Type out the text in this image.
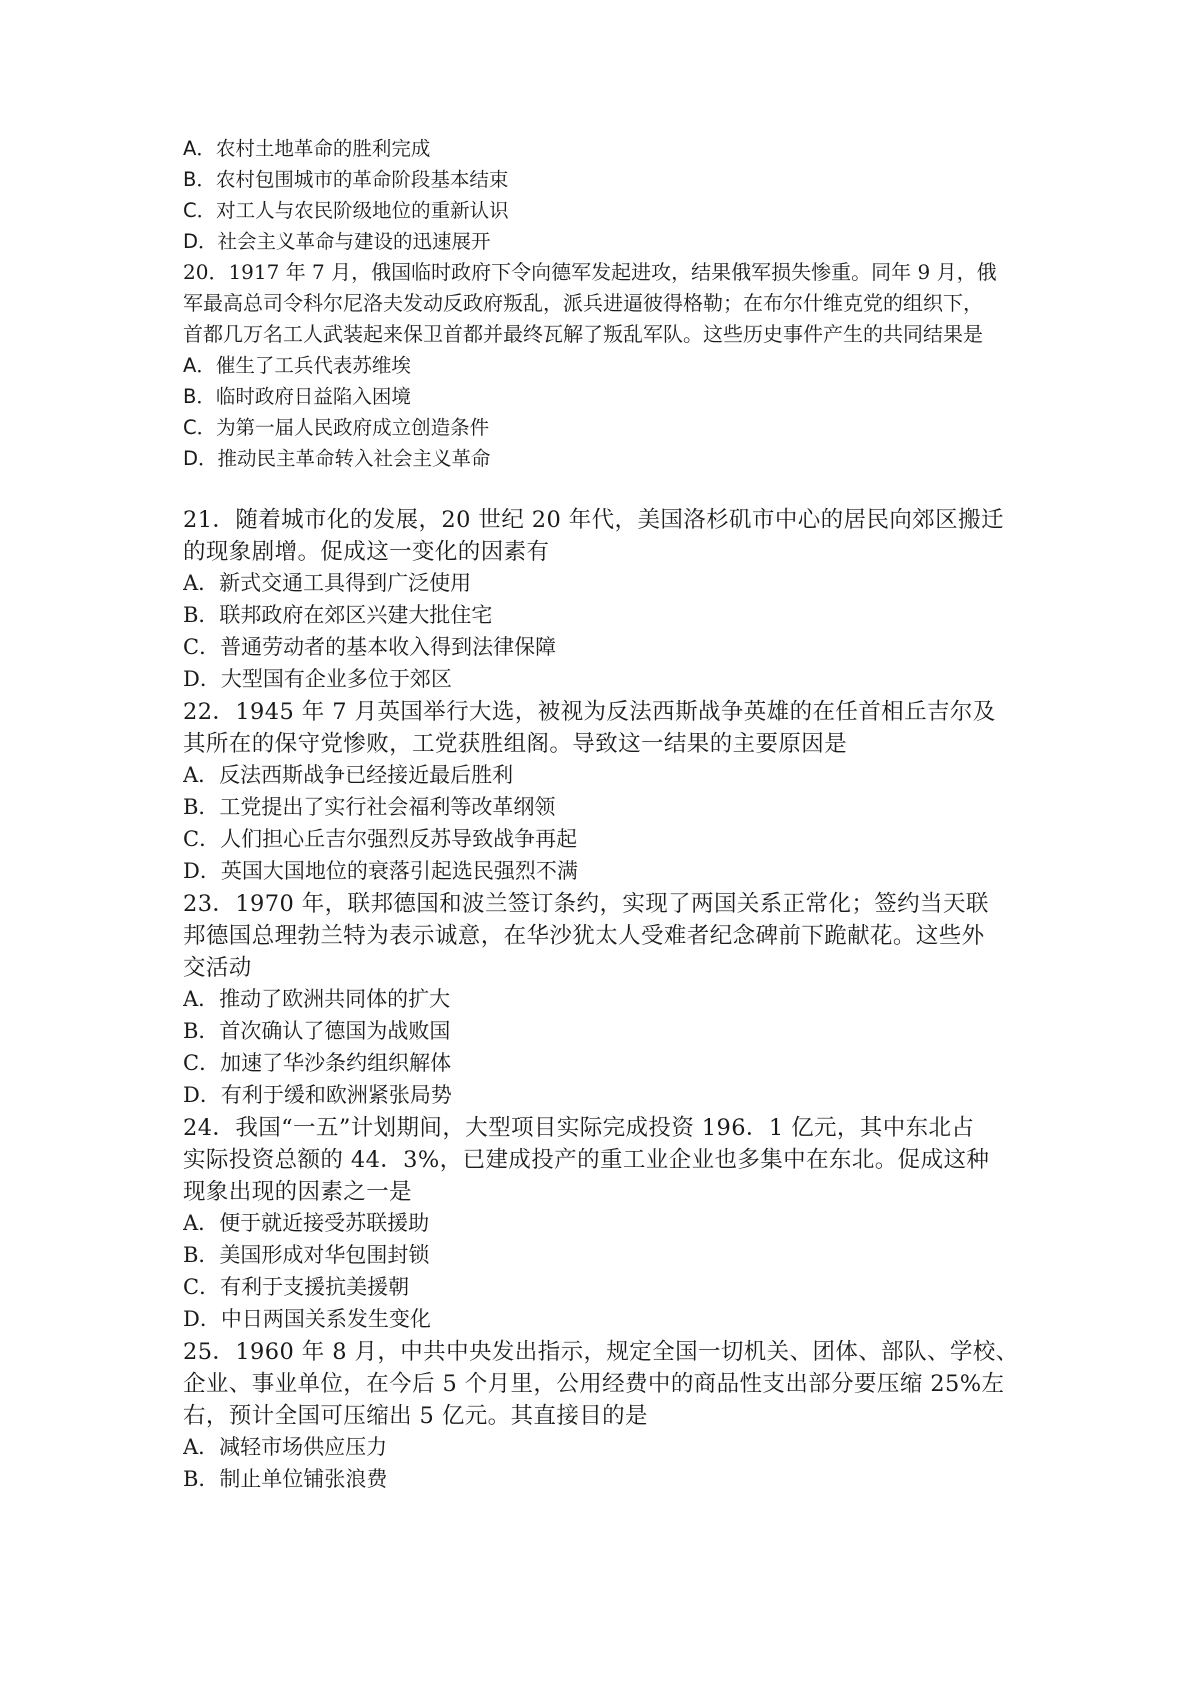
A．农村土地革命的胜利完成
B．农村包围城市的革命阶段基本结束
C．对工人与农民阶级地位的重新认识
D．社会主义革命与建设的迅速展开
20．1917 年 7 月，俄国临时政府下令向德军发起进攻，结果俄军损失惨重。同年 9 月，俄
军最高总司令科尔尼洛夫发动反政府叛乱，派兵进逼彼得格勒；在布尔什维克党的组织下，
首都几万名工人武装起来保卫首都并最终瓦解了叛乱军队。这些历史事件产生的共同结果是
A．催生了工兵代表苏维埃
B．临时政府日益陷入困境
C．为第一届人民政府成立创造条件
D．推动民主革命转入社会主义革命
21．随着城市化的发展，20 世纪 20 年代，美国洛杉矶市中心的居民向郊区搬迁
的现象剧增。促成这一变化的因素有
A．新式交通工具得到广泛使用
B．联邦政府在郊区兴建大批住宅
C．普通劳动者的基本收入得到法律保障
D．大型国有企业多位于郊区
22．1945 年 7 月英国举行大选，被视为反法西斯战争英雄的在任首相丘吉尔及
其所在的保守党惨败，工党获胜组阁。导致这一结果的主要原因是
A．反法西斯战争已经接近最后胜利
B．工党提出了实行社会福利等改革纲领
C．人们担心丘吉尔强烈反苏导致战争再起
D．英国大国地位的衰落引起选民强烈不满
23．1970 年，联邦德国和波兰签订条约，实现了两国关系正常化；签约当天联
邦德国总理勃兰特为表示诚意，在华沙犹太人受难者纪念碑前下跪献花。这些外
交活动
A．推动了欧洲共同体的扩大
B．首次确认了德国为战败国
C．加速了华沙条约组织解体
D．有利于缓和欧洲紧张局势
24．我国“一五”计划期间，大型项目实际完成投资 196．1 亿元，其中东北占
实际投资总额的 44．3%，已建成投产的重工业企业也多集中在东北。促成这种
现象出现的因素之一是
A．便于就近接受苏联援助
B．美国形成对华包围封锁
C．有利于支援抗美援朝
D．中日两国关系发生变化
25．1960 年 8 月，中共中央发出指示，规定全国一切机关、团体、部队、学校、
企业、事业单位，在今后 5 个月里，公用经费中的商品性支出部分要压缩 25%左
右，预计全国可压缩出 5 亿元。其直接目的是
A．减轻市场供应压力
B．制止单位铺张浪费
